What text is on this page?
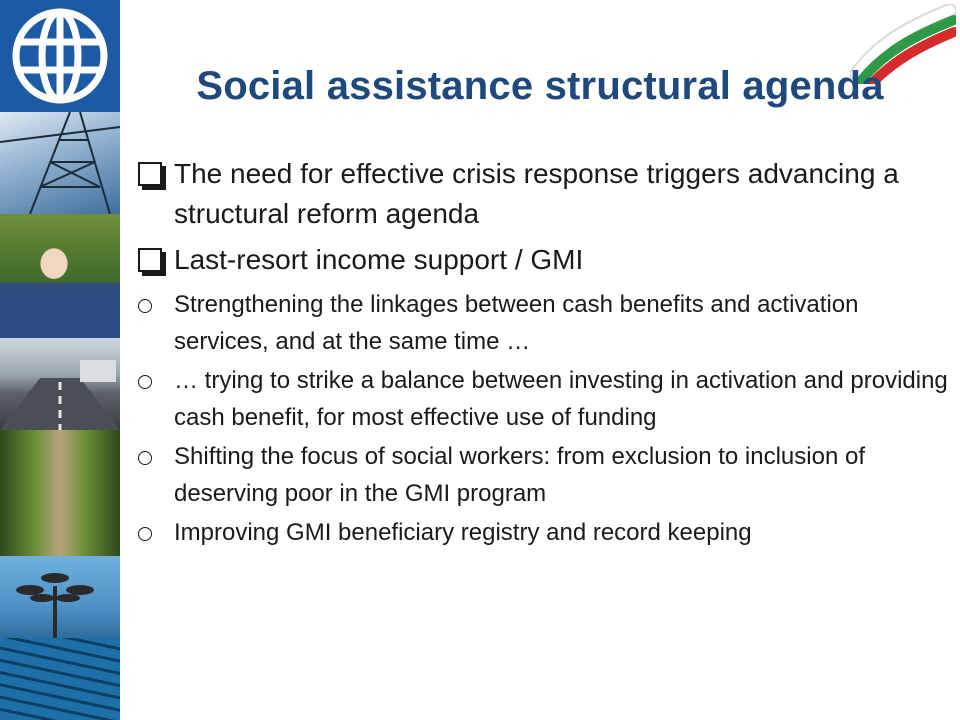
Social assistance structural agenda
The need for effective crisis response triggers advancing a structural reform agenda
Last-resort income support / GMI
Strengthening the linkages between cash benefits and activation services, and at the same time …
… trying to strike a balance between investing in activation and providing cash benefit, for most effective use of funding
Shifting the focus of social workers: from exclusion to inclusion of deserving poor in the GMI program
Improving GMI beneficiary registry and record keeping
